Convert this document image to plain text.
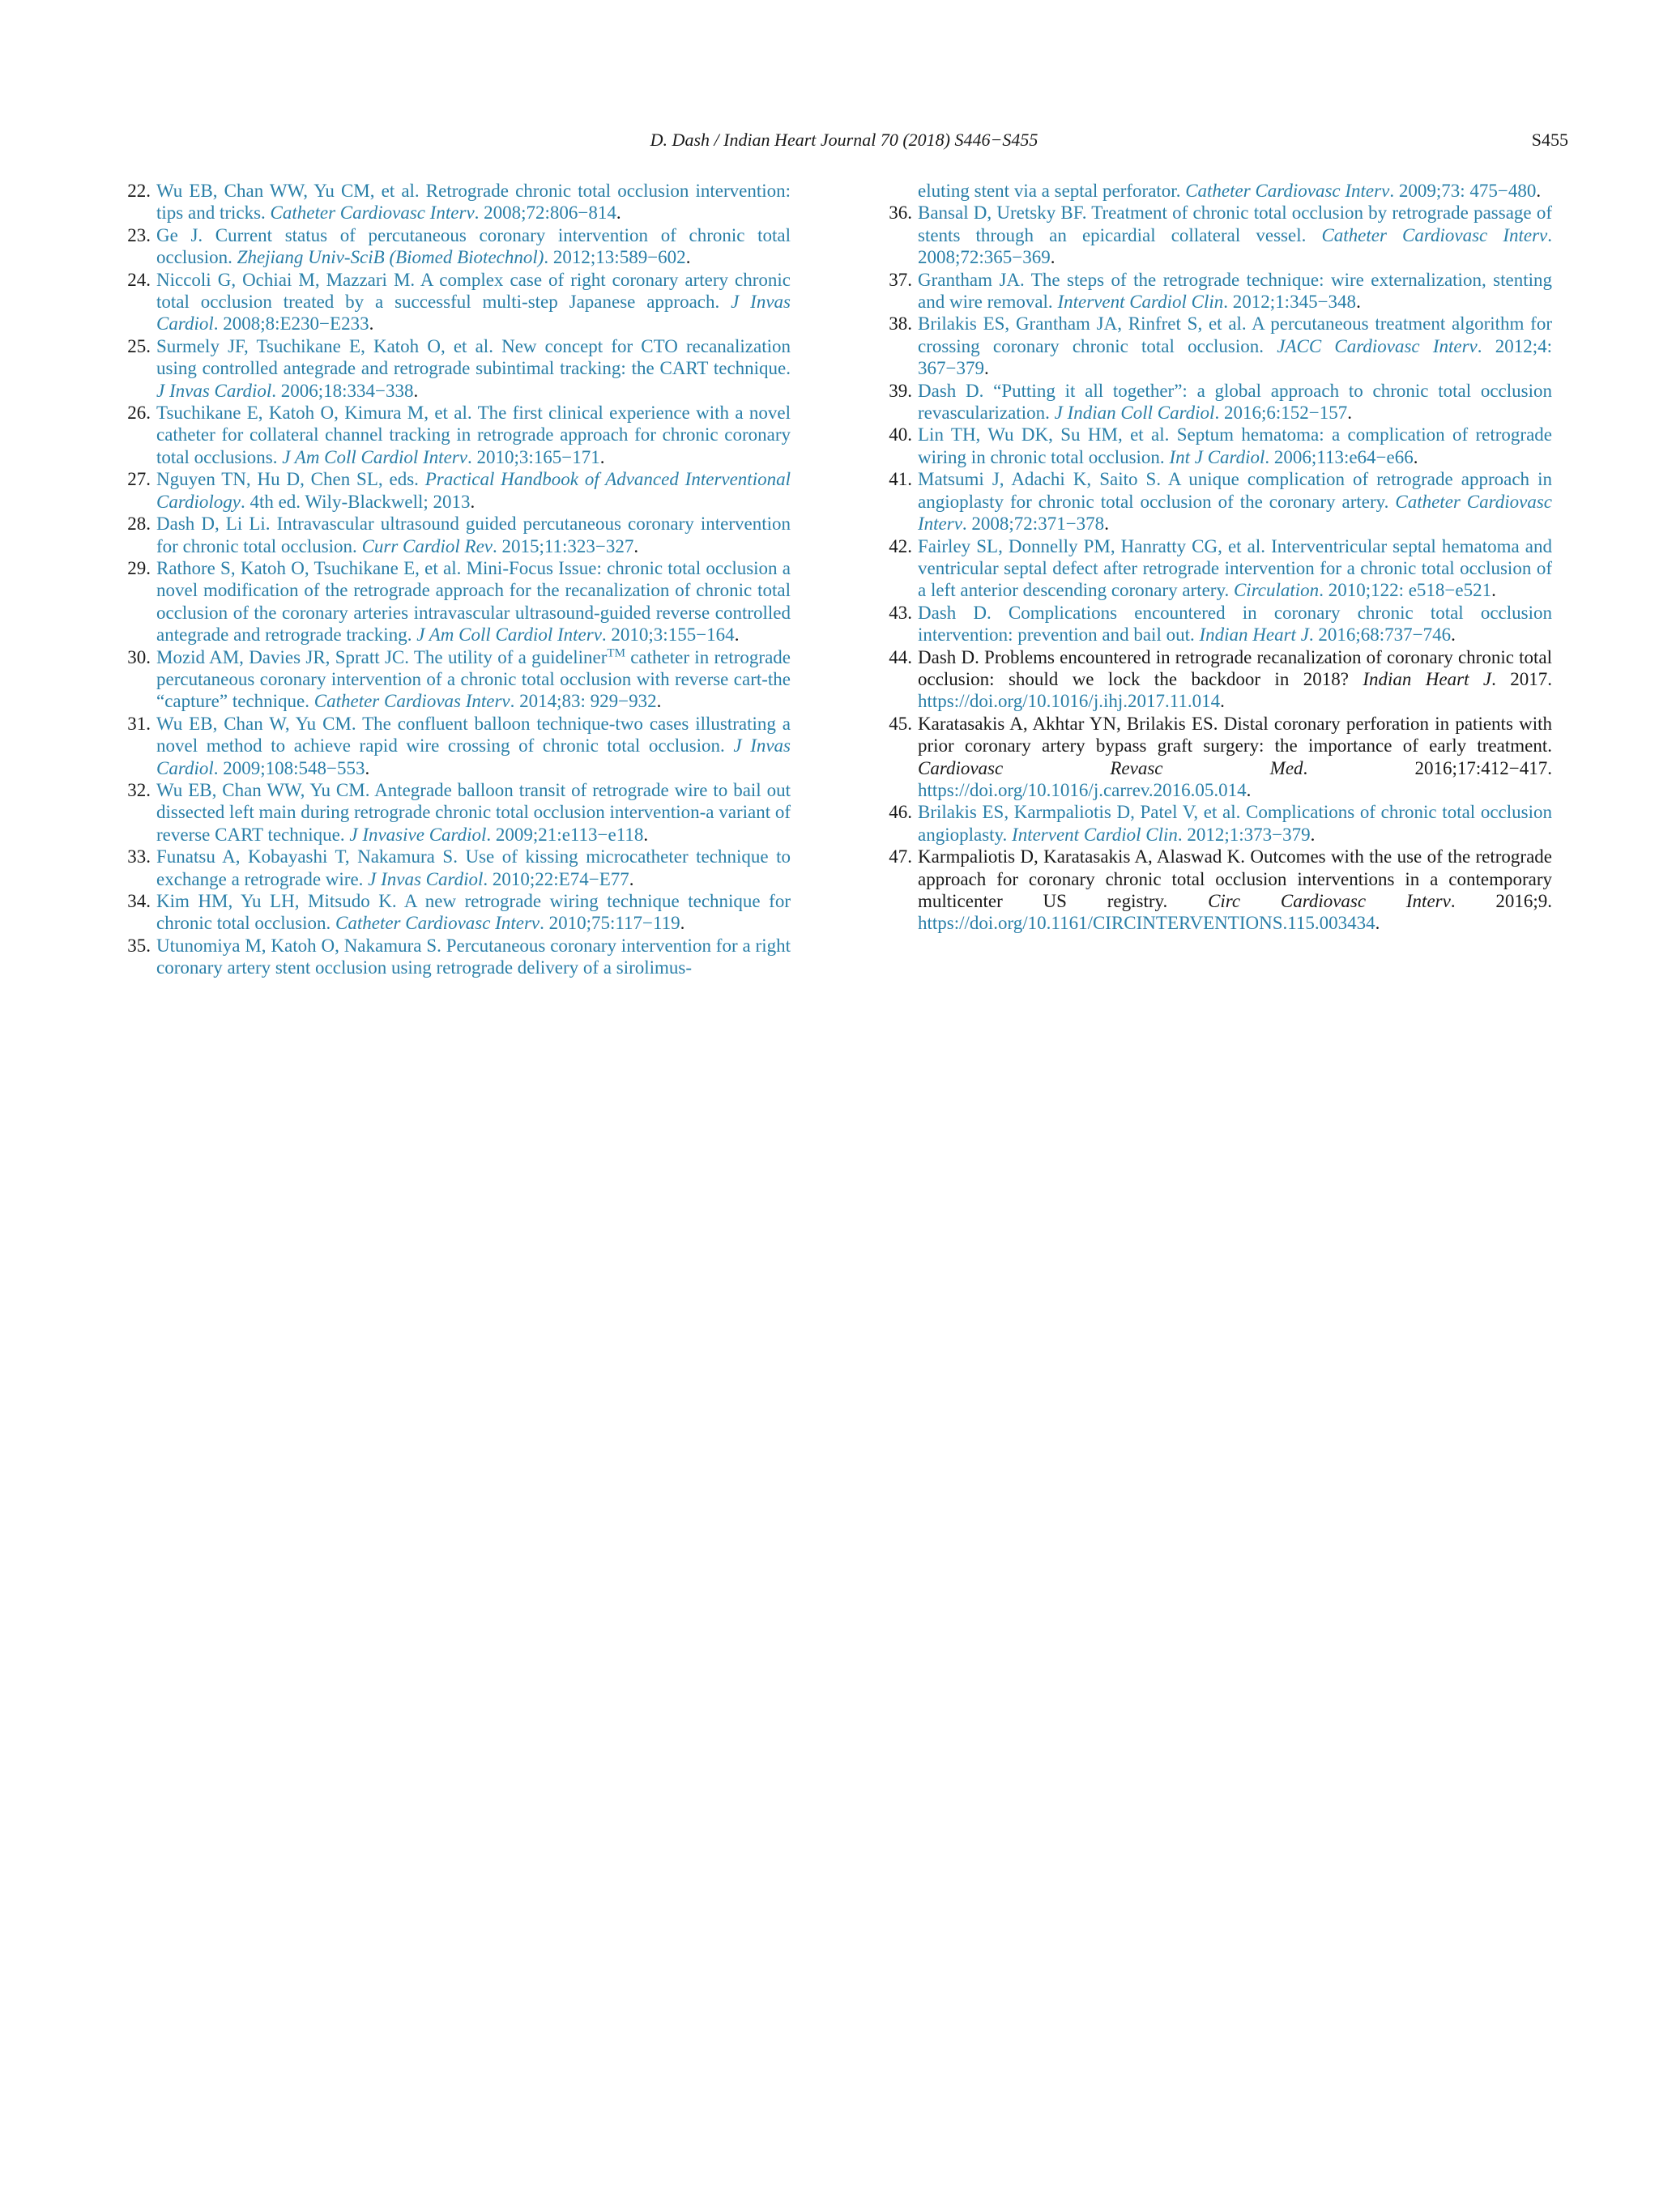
D. Dash / Indian Heart Journal 70 (2018) S446−S455	S455
22. Wu EB, Chan WW, Yu CM, et al. Retrograde chronic total occlusion intervention: tips and tricks. Catheter Cardiovasc Interv. 2008;72:806−814.
23. Ge J. Current status of percutaneous coronary intervention of chronic total occlusion. Zhejiang Univ-SciB (Biomed Biotechnol). 2012;13:589−602.
24. Niccoli G, Ochiai M, Mazzari M. A complex case of right coronary artery chronic total occlusion treated by a successful multi-step Japanese approach. J Invas Cardiol. 2008;8:E230−E233.
25. Surmely JF, Tsuchikane E, Katoh O, et al. New concept for CTO recanalization using controlled antegrade and retrograde subintimal tracking: the CART technique. J Invas Cardiol. 2006;18:334−338.
26. Tsuchikane E, Katoh O, Kimura M, et al. The first clinical experience with a novel catheter for collateral channel tracking in retrograde approach for chronic coronary total occlusions. J Am Coll Cardiol Interv. 2010;3:165−171.
27. Nguyen TN, Hu D, Chen SL, eds. Practical Handbook of Advanced Interventional Cardiology. 4th ed. Wily-Blackwell; 2013.
28. Dash D, Li Li. Intravascular ultrasound guided percutaneous coronary intervention for chronic total occlusion. Curr Cardiol Rev. 2015;11:323−327.
29. Rathore S, Katoh O, Tsuchikane E, et al. Mini-Focus Issue: chronic total occlusion a novel modification of the retrograde approach for the recanalization of chronic total occlusion of the coronary arteries intravascular ultrasound-guided reverse controlled antegrade and retrograde tracking. J Am Coll Cardiol Interv. 2010;3:155−164.
30. Mozid AM, Davies JR, Spratt JC. The utility of a guideliner™ catheter in retrograde percutaneous coronary intervention of a chronic total occlusion with reverse cart-the “capture” technique. Catheter Cardiovas Interv. 2014;83: 929−932.
31. Wu EB, Chan W, Yu CM. The confluent balloon technique-two cases illustrating a novel method to achieve rapid wire crossing of chronic total occlusion. J Invas Cardiol. 2009;108:548−553.
32. Wu EB, Chan WW, Yu CM. Antegrade balloon transit of retrograde wire to bail out dissected left main during retrograde chronic total occlusion intervention-a variant of reverse CART technique. J Invasive Cardiol. 2009;21:e113−e118.
33. Funatsu A, Kobayashi T, Nakamura S. Use of kissing microcatheter technique to exchange a retrograde wire. J Invas Cardiol. 2010;22:E74−E77.
34. Kim HM, Yu LH, Mitsudo K. A new retrograde wiring technique technique for chronic total occlusion. Catheter Cardiovasc Interv. 2010;75:117−119.
35. Utunomiya M, Katoh O, Nakamura S. Percutaneous coronary intervention for a right coronary artery stent occlusion using retrograde delivery of a sirolimus-
eluting stent via a septal perforator. Catheter Cardiovasc Interv. 2009;73: 475−480.
36. Bansal D, Uretsky BF. Treatment of chronic total occlusion by retrograde passage of stents through an epicardial collateral vessel. Catheter Cardiovasc Interv. 2008;72:365−369.
37. Grantham JA. The steps of the retrograde technique: wire externalization, stenting and wire removal. Intervent Cardiol Clin. 2012;1:345−348.
38. Brilakis ES, Grantham JA, Rinfret S, et al. A percutaneous treatment algorithm for crossing coronary chronic total occlusion. JACC Cardiovasc Interv. 2012;4: 367−379.
39. Dash D. “Putting it all together”: a global approach to chronic total occlusion revascularization. J Indian Coll Cardiol. 2016;6:152−157.
40. Lin TH, Wu DK, Su HM, et al. Septum hematoma: a complication of retrograde wiring in chronic total occlusion. Int J Cardiol. 2006;113:e64−e66.
41. Matsumi J, Adachi K, Saito S. A unique complication of retrograde approach in angioplasty for chronic total occlusion of the coronary artery. Catheter Cardiovasc Interv. 2008;72:371−378.
42. Fairley SL, Donnelly PM, Hanratty CG, et al. Interventricular septal hematoma and ventricular septal defect after retrograde intervention for a chronic total occlusion of a left anterior descending coronary artery. Circulation. 2010;122: e518−e521.
43. Dash D. Complications encountered in coronary chronic total occlusion intervention: prevention and bail out. Indian Heart J. 2016;68:737−746.
44. Dash D. Problems encountered in retrograde recanalization of coronary chronic total occlusion: should we lock the backdoor in 2018? Indian Heart J. 2017. https://doi.org/10.1016/j.ihj.2017.11.014.
45. Karatasakis A, Akhtar YN, Brilakis ES. Distal coronary perforation in patients with prior coronary artery bypass graft surgery: the importance of early treatment. Cardiovasc Revasc Med. 2016;17:412−417. https://doi.org/10.1016/j.carrev.2016.05.014.
46. Brilakis ES, Karmpaliotis D, Patel V, et al. Complications of chronic total occlusion angioplasty. Intervent Cardiol Clin. 2012;1:373−379.
47. Karmpaliotis D, Karatasakis A, Alaswad K. Outcomes with the use of the retrograde approach for coronary chronic total occlusion interventions in a contemporary multicenter US registry. Circ Cardiovasc Interv. 2016;9. https://doi.org/10.1161/CIRCINTERVENTIONS.115.003434.
